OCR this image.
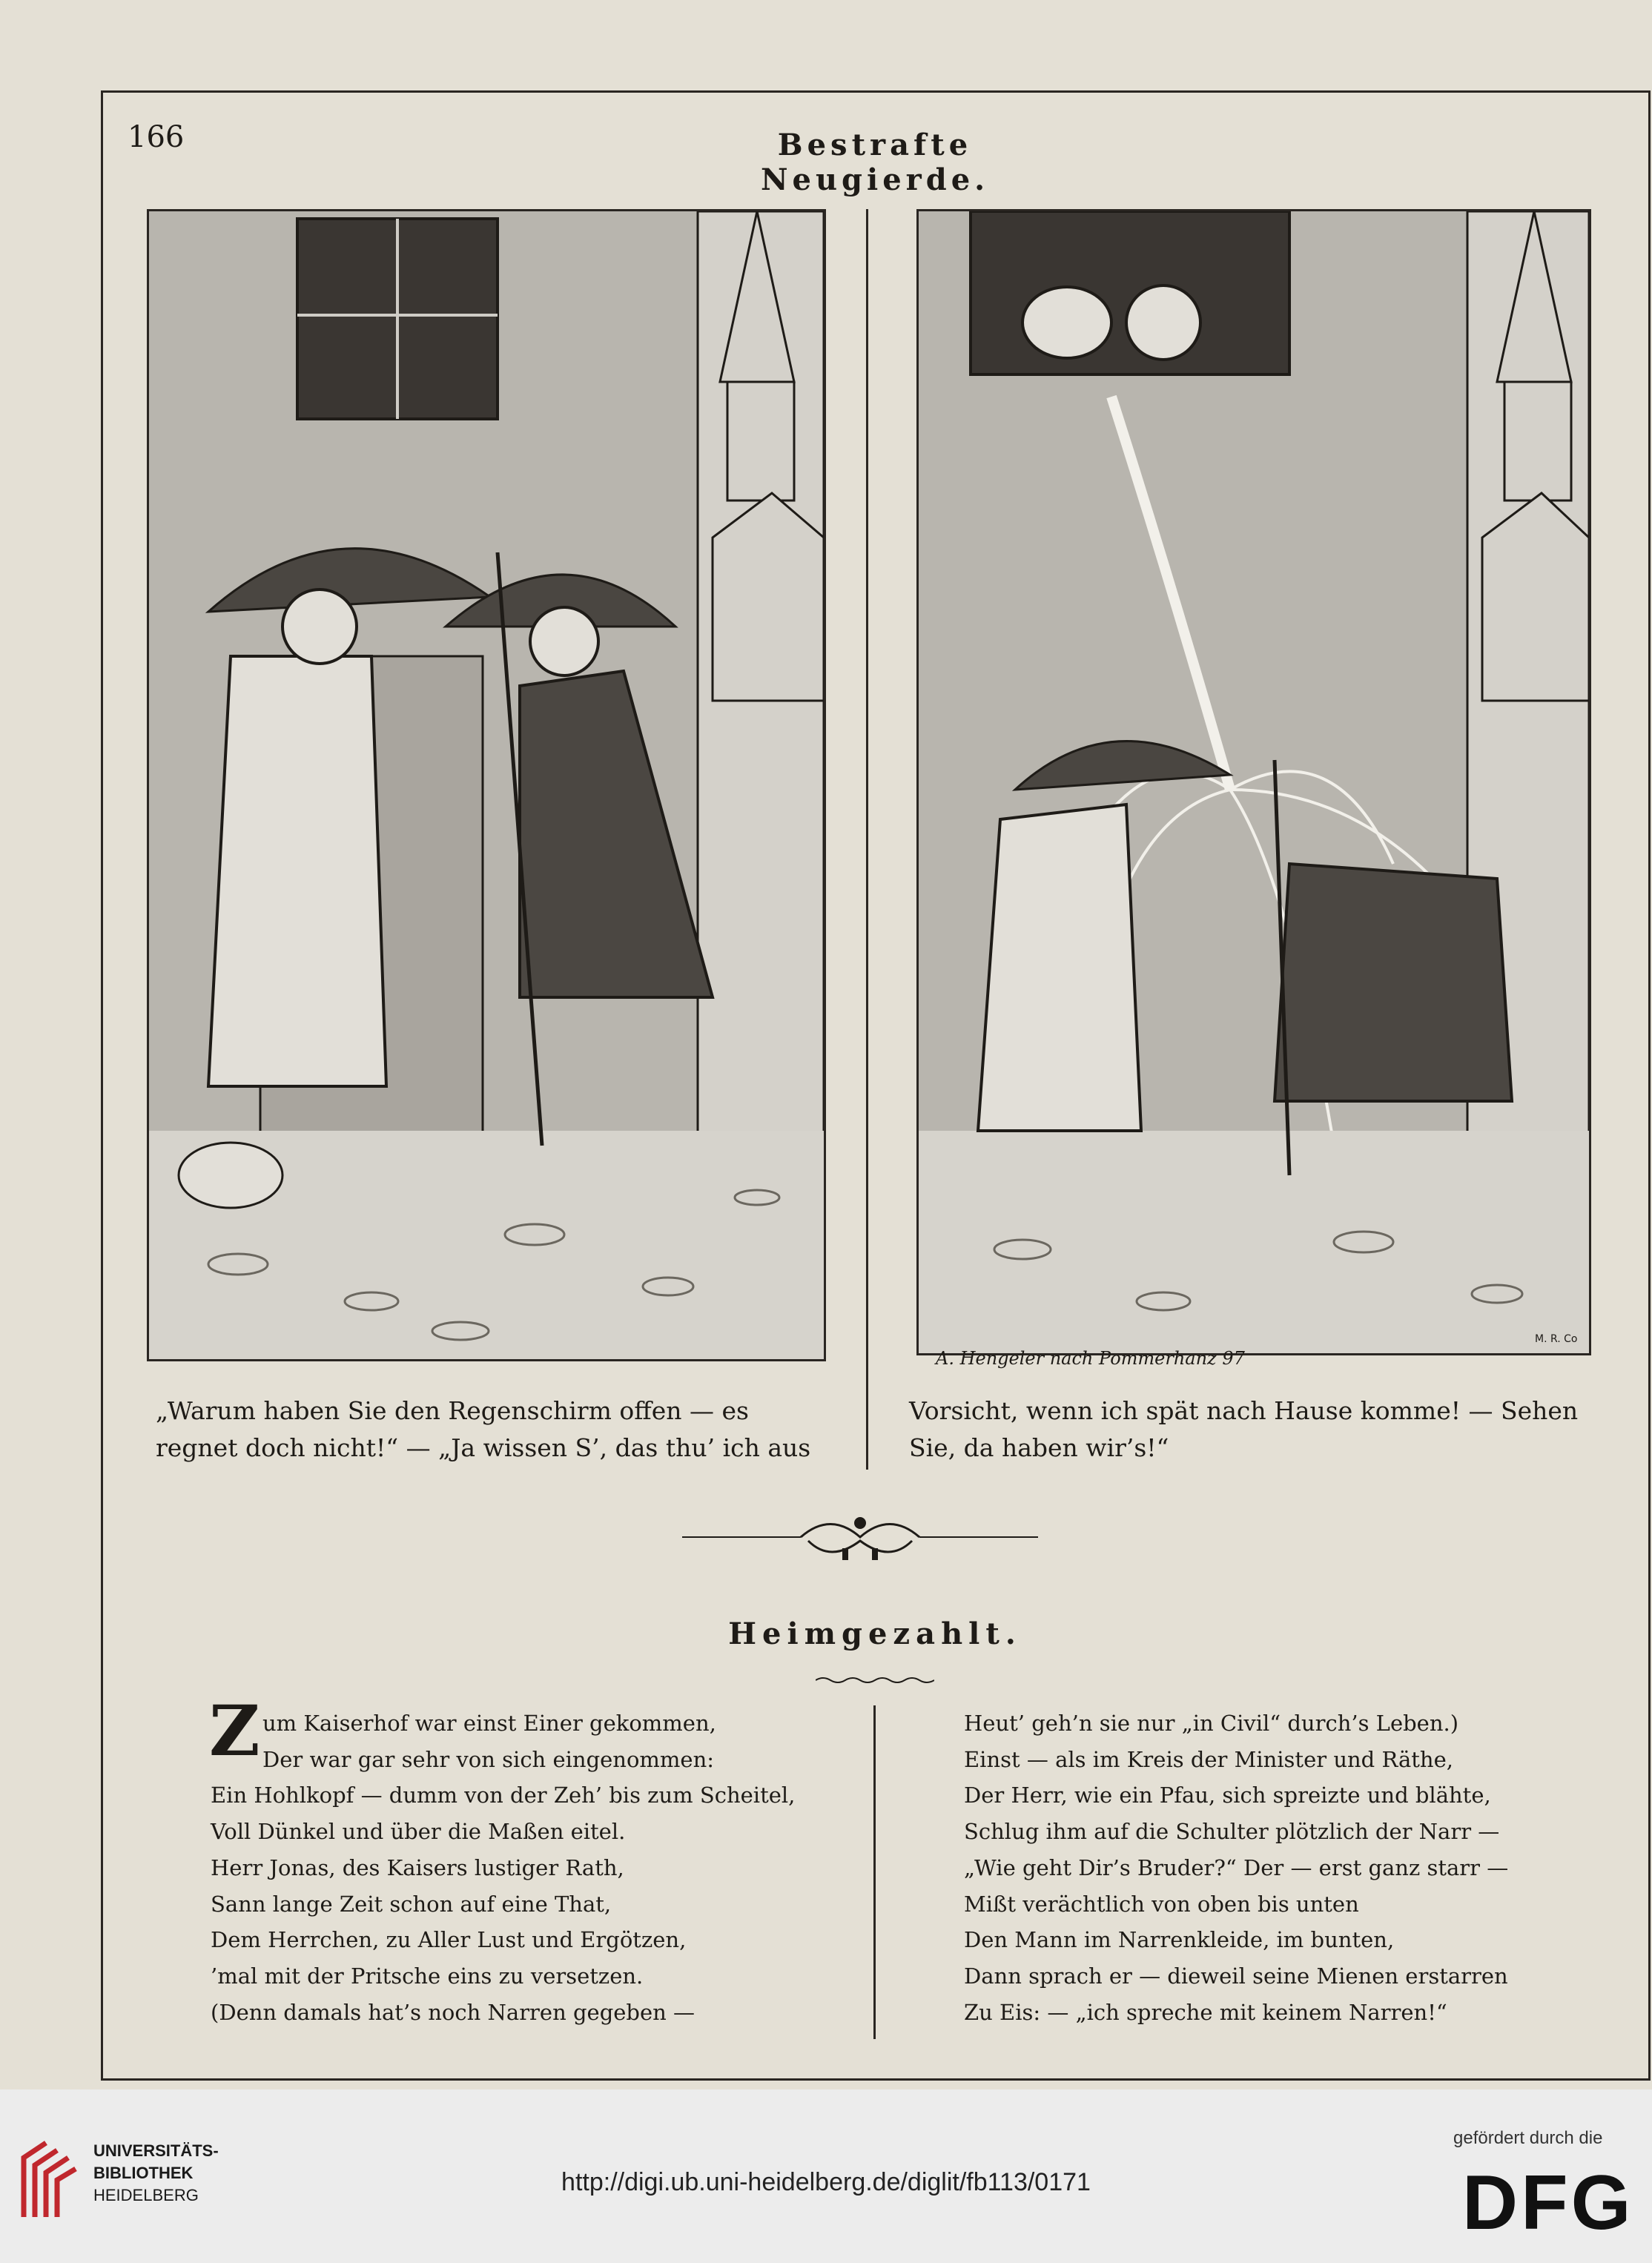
166	Bestrafte Neugierde.
A. Hengeler nach Pommerhanz 97
M. R. Co
„Warum haben Sie den Regenschirm offen — es
regnet doch nicht!“ — „Ja wissen S’, das thu’ ich aus
Vorsicht, wenn ich spät nach Hause komme! — Sehen
Sie, da haben wir’s!“
Heimgezahlt.
Z um Kaiserhof war einst Einer gekommen,
Der war gar sehr von sich eingenommen:
Ein Hohlkopf — dumm von der Zeh’ bis zum Scheitel,
Voll Dünkel und über die Maßen eitel.
Herr Jonas, des Kaisers lustiger Rath,
Sann lange Zeit schon auf eine That,
Dem Herrchen, zu Aller Lust und Ergötzen,
’mal mit der Pritsche eins zu versetzen.
(Denn damals hat’s noch Narren gegeben —
Heut’ geh’n sie nur „in Civil“ durch’s Leben.)
Einst — als im Kreis der Minister und Räthe,
Der Herr, wie ein Pfau, sich spreizte und blähte,
Schlug ihm auf die Schulter plötzlich der Narr —
„Wie geht Dir’s Bruder?“ Der — erst ganz starr —
Mißt verächtlich von oben bis unten
Den Mann im Narrenkleide, im bunten,
Dann sprach er — dieweil seine Mienen erstarren
Zu Eis: — „ich spreche mit keinem Narren!“
UNIVERSITÄTS-
BIBLIOTHEK
HEIDELBERG	http://digi.ub.uni-heidelberg.de/diglit/fb113/0171
gefördert durch die
DFG
